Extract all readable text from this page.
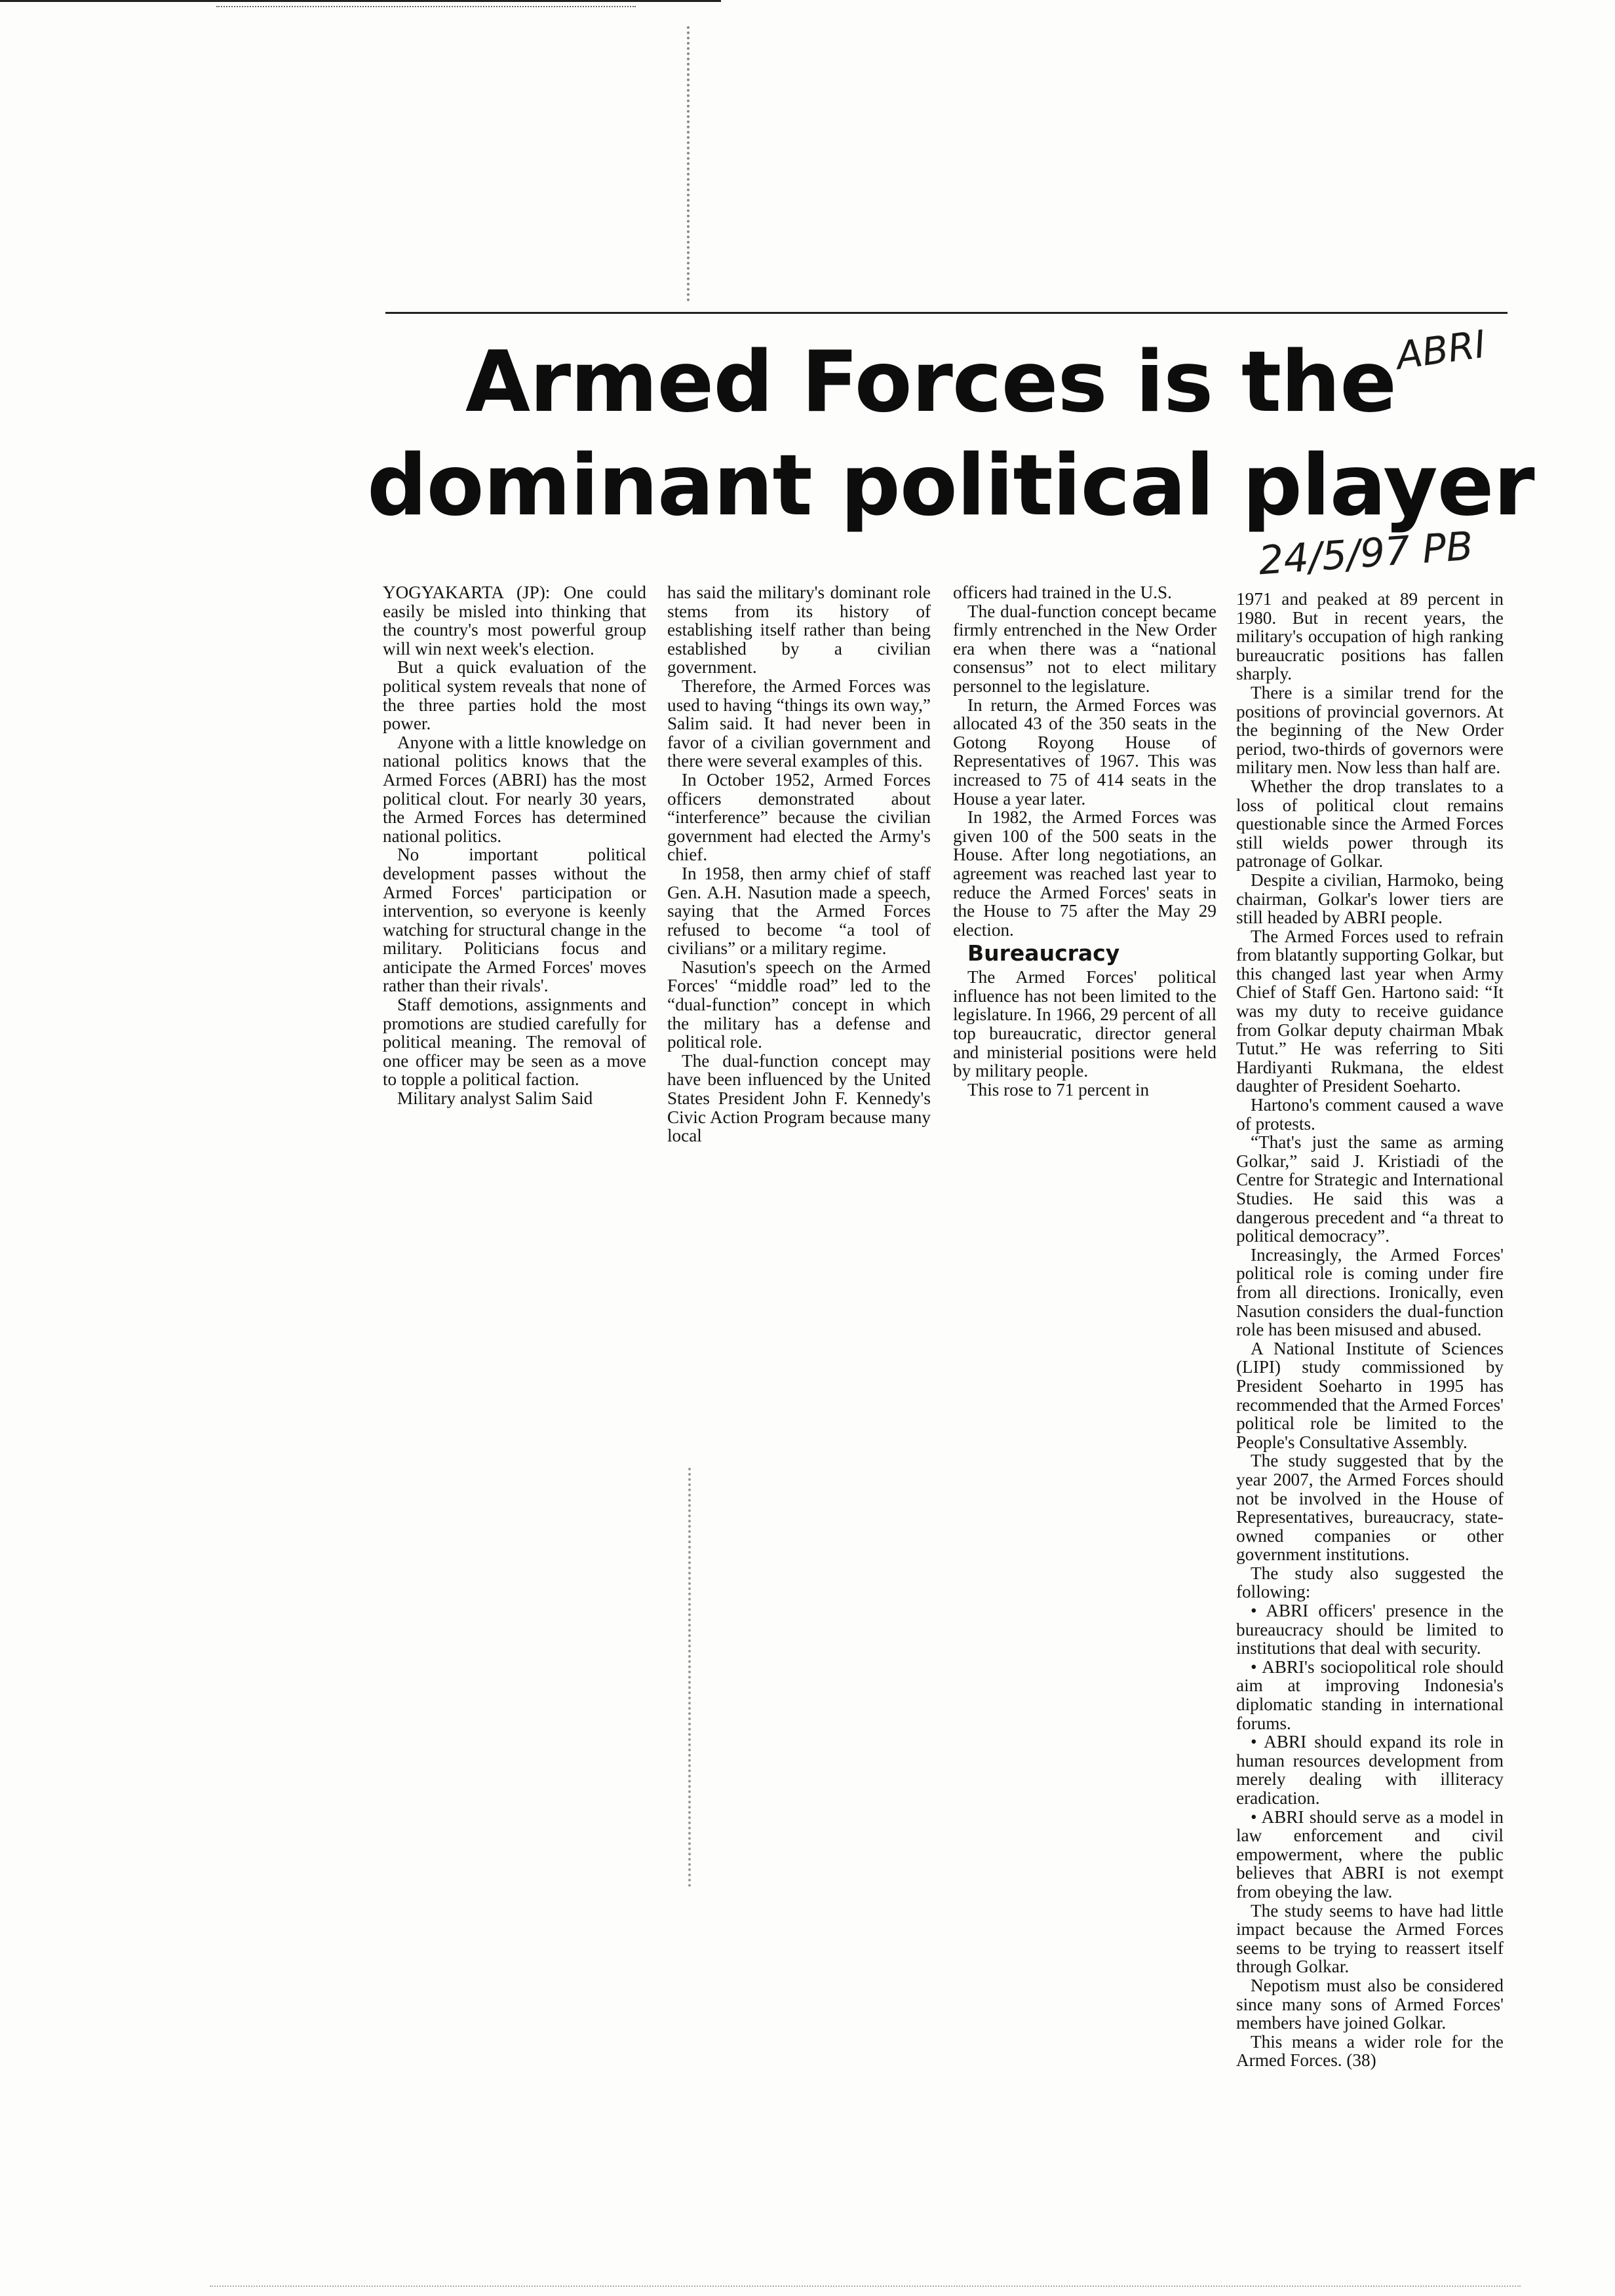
Armed Forces is the
dominant political player
ABRI
24/5/97 PB

YOGYAKARTA (JP): One could easily be misled into thinking that the country's most powerful group will win next week's election.

But a quick evaluation of the political system reveals that none of the three parties hold the most power.

Anyone with a little knowledge on national politics knows that the Armed Forces (ABRI) has the most political clout. For nearly 30 years, the Armed Forces has determined national politics.

No important political development passes without the Armed Forces' participation or intervention, so everyone is keenly watching for structural change in the military. Politicians focus and anticipate the Armed Forces' moves rather than their rivals'.

Staff demotions, assignments and promotions are studied carefully for political meaning. The removal of one officer may be seen as a move to topple a political faction.

Military analyst Salim Said

has said the military's dominant role stems from its history of establishing itself rather than being established by a civilian government.

Therefore, the Armed Forces was used to having “things its own way,” Salim said. It had never been in favor of a civilian government and there were several examples of this.

In October 1952, Armed Forces officers demonstrated about “interference” because the civilian government had elected the Army's chief.

In 1958, then army chief of staff Gen. A.H. Nasution made a speech, saying that the Armed Forces refused to become “a tool of civilians” or a military regime.

Nasution's speech on the Armed Forces' “middle road” led to the “dual-function” concept in which the military has a defense and political role.

The dual-function concept may have been influenced by the United States President John F. Kennedy's Civic Action Program because many local

officers had trained in the U.S.

The dual-function concept became firmly entrenched in the New Order era when there was a “national consensus” not to elect military personnel to the legislature.

In return, the Armed Forces was allocated 43 of the 350 seats in the Gotong Royong House of Representatives of 1967. This was increased to 75 of 414 seats in the House a year later.

In 1982, the Armed Forces was given 100 of the 500 seats in the House. After long negotiations, an agreement was reached last year to reduce the Armed Forces' seats in the House to 75 after the May 29 election.

Bureaucracy

The Armed Forces' political influence has not been limited to the legislature. In 1966, 29 percent of all top bureaucratic, director general and ministerial positions were held by military people.

This rose to 71 percent in

1971 and peaked at 89 percent in 1980. But in recent years, the military's occupation of high ranking bureaucratic positions has fallen sharply.

There is a similar trend for the positions of provincial governors. At the beginning of the New Order period, two-thirds of governors were military men. Now less than half are.

Whether the drop translates to a loss of political clout remains questionable since the Armed Forces still wields power through its patronage of Golkar.

Despite a civilian, Harmoko, being chairman, Golkar's lower tiers are still headed by ABRI people.

The Armed Forces used to refrain from blatantly supporting Golkar, but this changed last year when Army Chief of Staff Gen. Hartono said: “It was my duty to receive guidance from Golkar deputy chairman Mbak Tutut.” He was referring to Siti Hardiyanti Rukmana, the eldest daughter of President Soeharto.

Hartono's comment caused a wave of protests.

“That's just the same as arming Golkar,” said J. Kristiadi of the Centre for Strategic and International Studies. He said this was a dangerous precedent and “a threat to political democracy”.

Increasingly, the Armed Forces' political role is coming under fire from all directions. Ironically, even Nasution considers the dual-function role has been misused and abused.

A National Institute of Sciences (LIPI) study commissioned by President Soeharto in 1995 has recommended that the Armed Forces' political role be limited to the People's Consultative Assembly.

The study suggested that by the year 2007, the Armed Forces should not be involved in the House of Representatives, bureaucracy, state-owned companies or other government institutions.

The study also suggested the following:

• ABRI officers' presence in the bureaucracy should be limited to institutions that deal with security.

• ABRI's sociopolitical role should aim at improving Indonesia's diplomatic standing in international forums.

• ABRI should expand its role in human resources development from merely dealing with illiteracy eradication.

• ABRI should serve as a model in law enforcement and civil empowerment, where the public believes that ABRI is not exempt from obeying the law.

The study seems to have had little impact because the Armed Forces seems to be trying to reassert itself through Golkar.

Nepotism must also be considered since many sons of Armed Forces' members have joined Golkar.

This means a wider role for the Armed Forces. (38)
